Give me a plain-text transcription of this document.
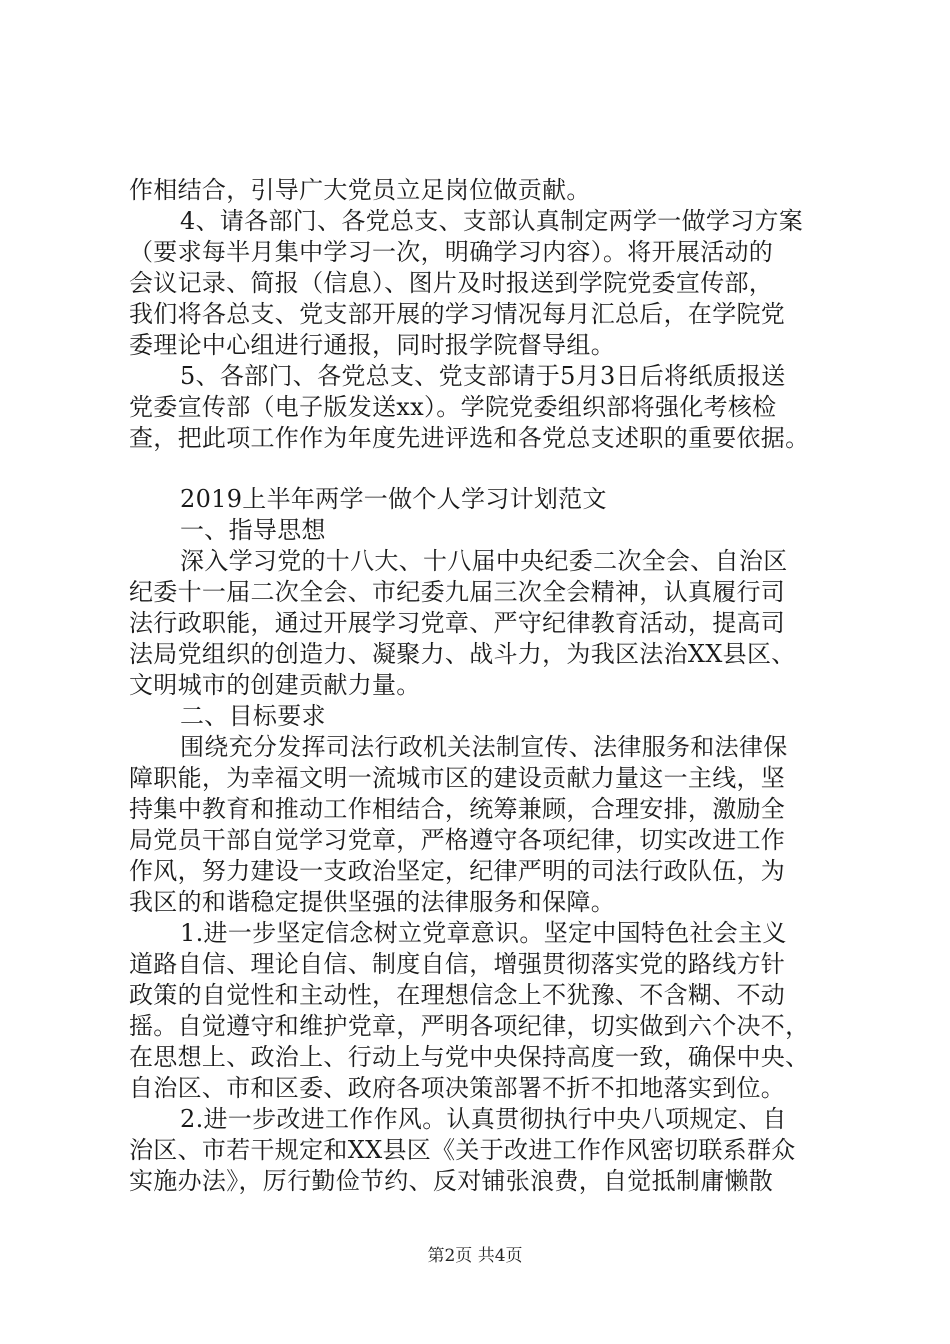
作相结合，引导广大党员立足岗位做贡献。
4、请各部门、各党总支、支部认真制定两学一做学习方案
（要求每半月集中学习一次，明确学习内容）。将开展活动的
会议记录、简报（信息）、图片及时报送到学院党委宣传部，
我们将各总支、党支部开展的学习情况每月汇总后，在学院党
委理论中心组进行通报，同时报学院督导组。
5、各部门、各党总支、党支部请于5月3日后将纸质报送
党委宣传部（电子版发送xx）。学院党委组织部将强化考核检
查，把此项工作作为年度先进评选和各党总支述职的重要依据。
2019上半年两学一做个人学习计划范文
一、指导思想
深入学习党的十八大、十八届中央纪委二次全会、自治区
纪委十一届二次全会、市纪委九届三次全会精神，认真履行司
法行政职能，通过开展学习党章、严守纪律教育活动，提高司
法局党组织的创造力、凝聚力、战斗力，为我区法治XX县区、
文明城市的创建贡献力量。
二、目标要求
围绕充分发挥司法行政机关法制宣传、法律服务和法律保
障职能，为幸福文明一流城市区的建设贡献力量这一主线，坚
持集中教育和推动工作相结合，统筹兼顾，合理安排，激励全
局党员干部自觉学习党章，严格遵守各项纪律，切实改进工作
作风，努力建设一支政治坚定，纪律严明的司法行政队伍，为
我区的和谐稳定提供坚强的法律服务和保障。
1.进一步坚定信念树立党章意识。坚定中国特色社会主义
道路自信、理论自信、制度自信，增强贯彻落实党的路线方针
政策的自觉性和主动性，在理想信念上不犹豫、不含糊、不动
摇。自觉遵守和维护党章，严明各项纪律，切实做到六个决不，
在思想上、政治上、行动上与党中央保持高度一致，确保中央、
自治区、市和区委、政府各项决策部署不折不扣地落实到位。
2.进一步改进工作作风。认真贯彻执行中央八项规定、自
治区、市若干规定和XX县区《关于改进工作作风密切联系群众
实施办法》，厉行勤俭节约、反对铺张浪费，自觉抵制庸懒散
第2页 共4页
